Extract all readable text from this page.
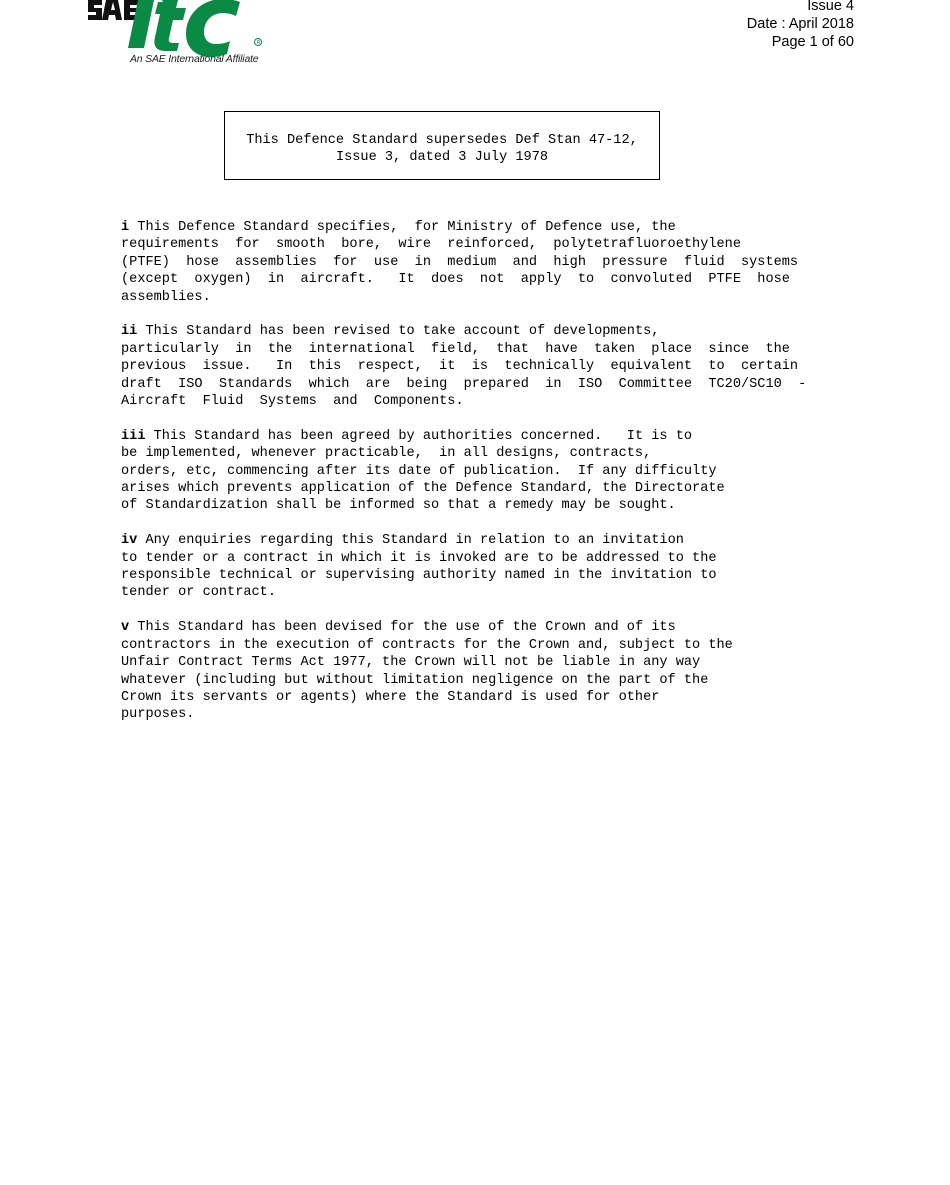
R
An SAE International Affiliate
Issue 4
Date : April 2018
Page 1 of 60
This Defence Standard supersedes Def Stan 47-12,
Issue 3, dated 3 July 1978
i This Defence Standard specifies,  for Ministry of Defence use, the
requirements  for  smooth  bore,  wire  reinforced,  polytetrafluoroethylene
(PTFE)  hose  assemblies  for  use  in  medium  and  high  pressure  fluid  systems
(except  oxygen)  in  aircraft.   It  does  not  apply  to  convoluted  PTFE  hose
assemblies.
ii This Standard has been revised to take account of developments,
particularly  in  the  international  field,  that  have  taken  place  since  the
previous  issue.   In  this  respect,  it  is  technically  equivalent  to  certain
draft  ISO  Standards  which  are  being  prepared  in  ISO  Committee  TC20/SC10  -
Aircraft  Fluid  Systems  and  Components.
iii This Standard has been agreed by authorities concerned.   It is to
be implemented, whenever practicable,  in all designs, contracts,
orders, etc, commencing after its date of publication.  If any difficulty
arises which prevents application of the Defence Standard, the Directorate
of Standardization shall be informed so that a remedy may be sought.
iv Any enquiries regarding this Standard in relation to an invitation
to tender or a contract in which it is invoked are to be addressed to the
responsible technical or supervising authority named in the invitation to
tender or contract.
v This Standard has been devised for the use of the Crown and of its
contractors in the execution of contracts for the Crown and, subject to the
Unfair Contract Terms Act 1977, the Crown will not be liable in any way
whatever (including but without limitation negligence on the part of the
Crown its servants or agents) where the Standard is used for other
purposes.
